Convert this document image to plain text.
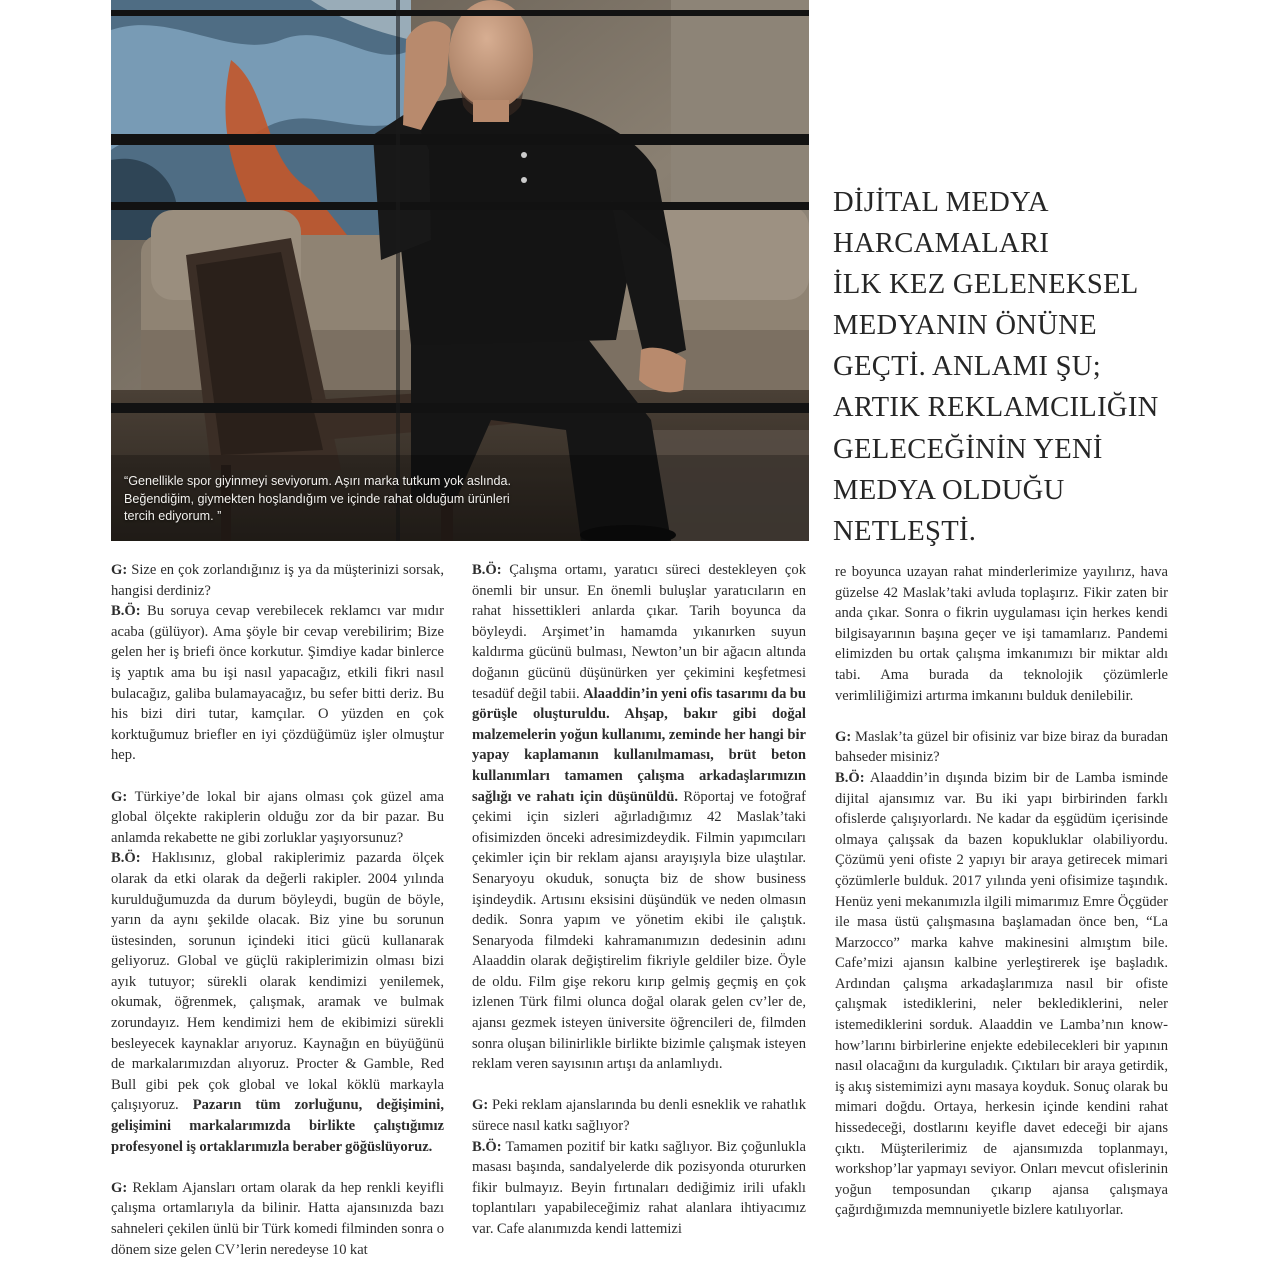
“Genellikle spor giyinmeyi seviyorum. Aşırı marka tutkum yok aslında. Beğendiğim, giymekten hoşlandığım ve içinde rahat olduğum ürünleri tercih ediyorum. ”
DİJİTAL MEDYA
HARCAMALARI
İLK KEZ GELENEKSEL
MEDYANIN ÖNÜNE
GEÇTİ. ANLAMI ŞU;
ARTIK REKLAMCILIĞIN
GELECEĞİNİN YENİ
MEDYA OLDUĞU
NETLEŞTİ.

G: Size en çok zorlandığınız iş ya da müşterinizi sorsak, hangisi derdiniz?

B.Ö: Bu soruya cevap verebilecek reklamcı var mıdır acaba (gülüyor). Ama şöyle bir cevap verebilirim; Bize gelen her iş briefi önce korkutur. Şimdiye kadar binlerce iş yaptık ama bu işi nasıl yapacağız, etkili fikri nasıl bulacağız, galiba bulamayacağız, bu sefer bitti deriz. Bu his bizi diri tutar, kamçılar. O yüzden en çok korktuğumuz briefler en iyi çözdüğümüz işler olmuştur hep.

G: Türkiye’de lokal bir ajans olması çok güzel ama global ölçekte rakiplerin olduğu zor da bir pazar. Bu anlamda rekabette ne gibi zorluklar yaşıyorsunuz?

B.Ö: Haklısınız, global rakiplerimiz pazarda ölçek olarak da etki olarak da değerli rakipler. 2004 yılında kurulduğumuzda da durum böyleydi, bugün de böyle, yarın da aynı şekilde olacak. Biz yine bu sorunun üstesinden, sorunun içindeki itici gücü kullanarak geliyoruz. Global ve güçlü rakiplerimizin olması bizi ayık tutuyor; sürekli olarak kendimizi yenilemek, okumak, öğrenmek, çalışmak, aramak ve bulmak zorundayız. Hem kendimizi hem de ekibimizi sürekli besleyecek kaynaklar arıyoruz. Kaynağın en büyüğünü de markalarımızdan alıyoruz. Procter & Gamble, Red Bull gibi pek çok global ve lokal köklü markayla çalışıyoruz. Pazarın tüm zorluğunu, değişimini, gelişimini markalarımızda birlikte çalıştığımız profesyonel iş ortaklarımızla beraber göğüslüyoruz.

G: Reklam Ajansları ortam olarak da hep renkli keyifli çalışma ortamlarıyla da bilinir. Hatta ajansınızda bazı sahneleri çekilen ünlü bir Türk komedi filminden sonra o dönem size gelen CV’lerin neredeyse 10 kat

B.Ö: Çalışma ortamı, yaratıcı süreci destekleyen çok önemli bir unsur. En önemli buluşlar yaratıcıların en rahat hissettikleri anlarda çıkar. Tarih boyunca da böyleydi. Arşimet’in hamamda yıkanırken suyun kaldırma gücünü bulması, Newton’un bir ağacın altında doğanın gücünü düşünürken yer çekimini keşfetmesi tesadüf değil tabii. Alaaddin’in yeni ofis tasarımı da bu görüşle oluşturuldu. Ahşap, bakır gibi doğal malzemelerin yoğun kullanımı, zeminde her hangi bir yapay kaplamanın kullanılmaması, brüt beton kullanımları tamamen çalışma arkadaşlarımızın sağlığı ve rahatı için düşünüldü. Röportaj ve fotoğraf çekimi için sizleri ağırladığımız 42 Maslak’taki ofisimizden önceki adresimizdeydik. Filmin yapımcıları çekimler için bir reklam ajansı arayışıyla bize ulaştılar. Senaryoyu okuduk, sonuçta biz de show business işindeydik. Artısını eksisini düşündük ve neden olmasın dedik. Sonra yapım ve yönetim ekibi ile çalıştık. Senaryoda filmdeki kahramanımızın dedesinin adını Alaaddin olarak değiştirelim fikriyle geldiler bize. Öyle de oldu. Film gişe rekoru kırıp gelmiş geçmiş en çok izlenen Türk filmi olunca doğal olarak gelen cv’ler de, ajansı gezmek isteyen üniversite öğrencileri de, filmden sonra oluşan bilinirlikle birlikte bizimle çalışmak isteyen reklam veren sayısının artışı da anlamlıydı.

G: Peki reklam ajanslarında bu denli esneklik ve rahatlık sürece nasıl katkı sağlıyor?

B.Ö: Tamamen pozitif bir katkı sağlıyor. Biz çoğunlukla masası başında, sandalyelerde dik pozisyonda otururken fikir bulmayız. Beyin fırtınaları dediğimiz irili ufaklı toplantıları yapabileceğimiz rahat alanlara ihtiyacımız var. Cafe alanımızda kendi lattemizi

re boyunca uzayan rahat minderlerimize yayılırız, hava güzelse 42 Maslak’taki avluda toplaşırız. Fikir zaten bir anda çıkar. Sonra o fikrin uygulaması için herkes kendi bilgisayarının başına geçer ve işi tamamlarız. Pandemi elimizden bu ortak çalışma imkanımızı bir miktar aldı tabi. Ama burada da teknolojik çözümlerle verimliliğimizi artırma imkanını bulduk denilebilir.

G: Maslak’ta güzel bir ofisiniz var bize biraz da buradan bahseder misiniz?

B.Ö: Alaaddin’in dışında bizim bir de Lamba isminde dijital ajansımız var. Bu iki yapı birbirinden farklı ofislerde çalışıyorlardı. Ne kadar da eşgüdüm içerisinde olmaya çalışsak da bazen kopukluklar olabiliyordu. Çözümü yeni ofiste 2 yapıyı bir araya getirecek mimari çözümlerle bulduk. 2017 yılında yeni ofisimize taşındık. Henüz yeni mekanımızla ilgili mimarımız Emre Öçgüder ile masa üstü çalışmasına başlamadan önce ben, “La Marzocco” marka kahve makinesini almıştım bile. Cafe’mizi ajansın kalbine yerleştirerek işe başladık. Ardından çalışma arkadaşlarımıza nasıl bir ofiste çalışmak istediklerini, neler beklediklerini, neler istemediklerini sorduk. Alaaddin ve Lamba’nın know-how’larını birbirlerine enjekte edebilecekleri bir yapının nasıl olacağını da kurguladık. Çıktıları bir araya getirdik, iş akış sistemimizi aynı masaya koyduk. Sonuç olarak bu mimari doğdu. Ortaya, herkesin içinde kendini rahat hissedeceği, dostlarını keyifle davet edeceği bir ajans çıktı. Müşterilerimiz de ajansımızda toplanmayı, workshop’lar yapmayı seviyor. Onları mevcut ofislerinin yoğun temposundan çıkarıp ajansa çalışmaya çağırdığımızda memnuniyetle bizlere katılıyorlar.
